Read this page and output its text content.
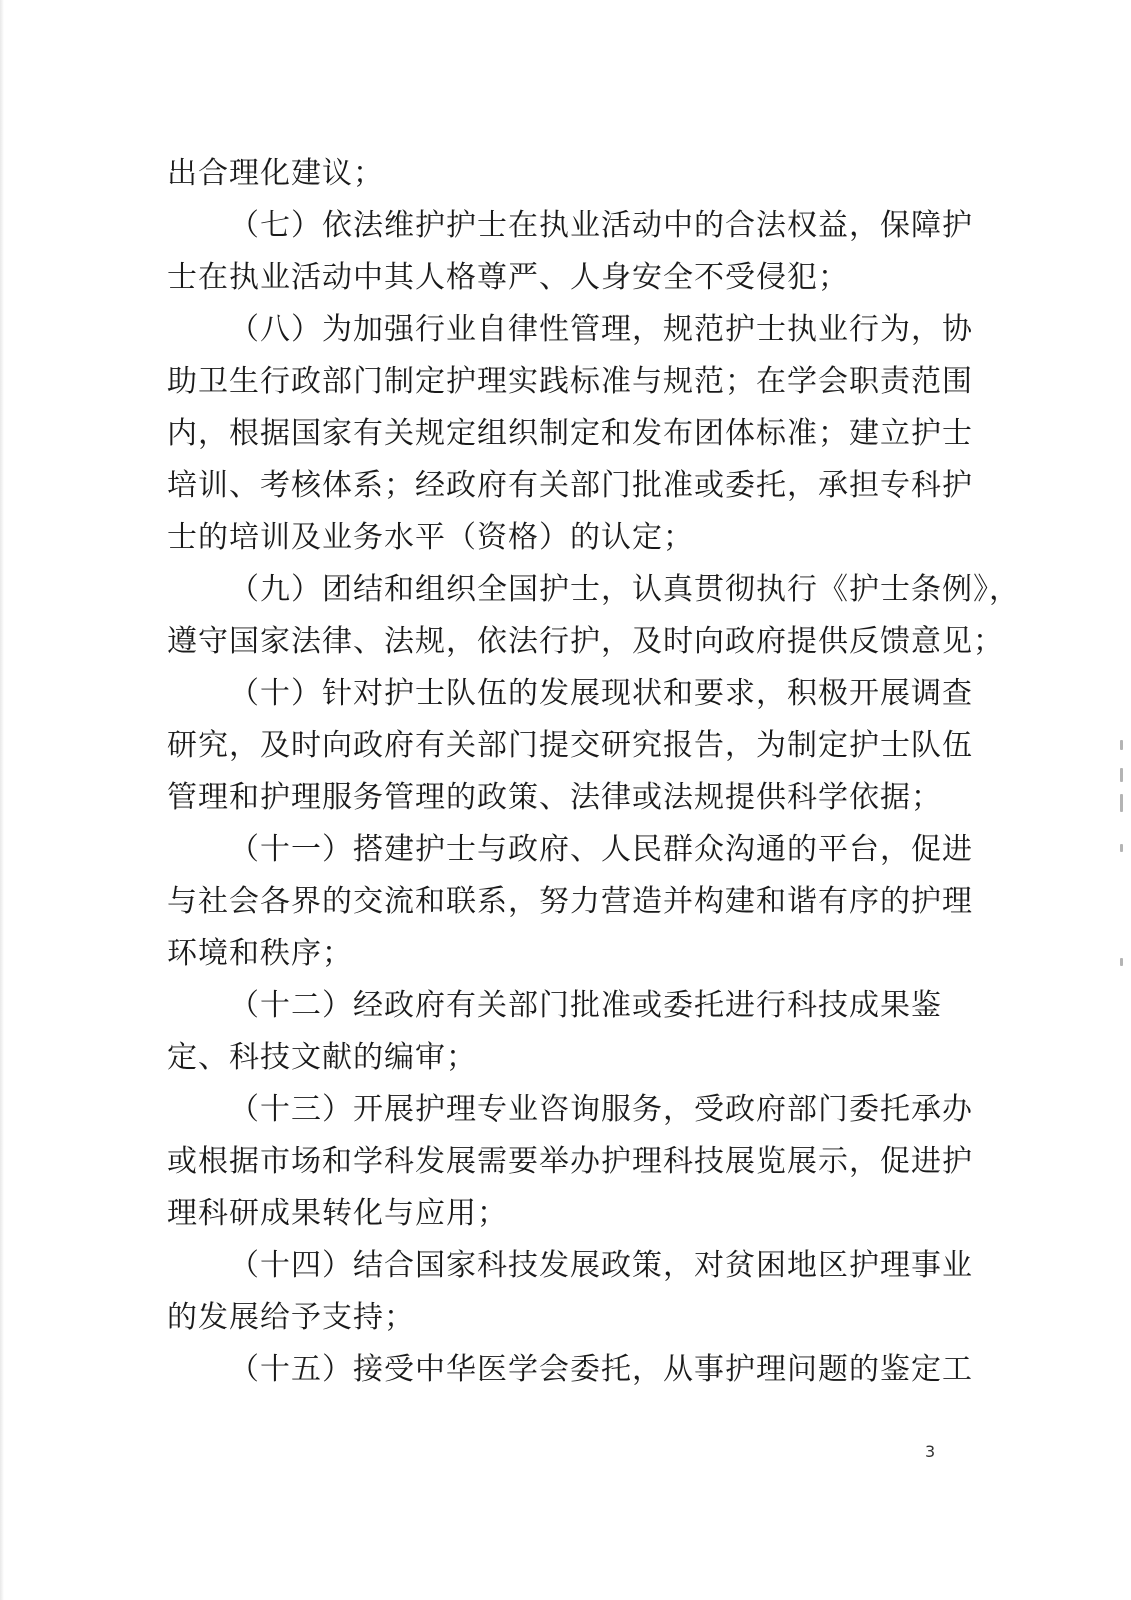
出合理化建议；
（七）依法维护护士在执业活动中的合法权益，保障护
士在执业活动中其人格尊严、人身安全不受侵犯；
（八）为加强行业自律性管理，规范护士执业行为，协
助卫生行政部门制定护理实践标准与规范；在学会职责范围
内，根据国家有关规定组织制定和发布团体标准；建立护士
培训、考核体系；经政府有关部门批准或委托，承担专科护
士的培训及业务水平（资格）的认定；
（九）团结和组织全国护士，认真贯彻执行《护士条例》，
遵守国家法律、法规，依法行护，及时向政府提供反馈意见；
（十）针对护士队伍的发展现状和要求，积极开展调查
研究，及时向政府有关部门提交研究报告，为制定护士队伍
管理和护理服务管理的政策、法律或法规提供科学依据；
（十一）搭建护士与政府、人民群众沟通的平台，促进
与社会各界的交流和联系，努力营造并构建和谐有序的护理
环境和秩序；
（十二）经政府有关部门批准或委托进行科技成果鉴
定、科技文献的编审；
（十三）开展护理专业咨询服务，受政府部门委托承办
或根据市场和学科发展需要举办护理科技展览展示，促进护
理科研成果转化与应用；
（十四）结合国家科技发展政策，对贫困地区护理事业
的发展给予支持；
（十五）接受中华医学会委托，从事护理问题的鉴定工
3
